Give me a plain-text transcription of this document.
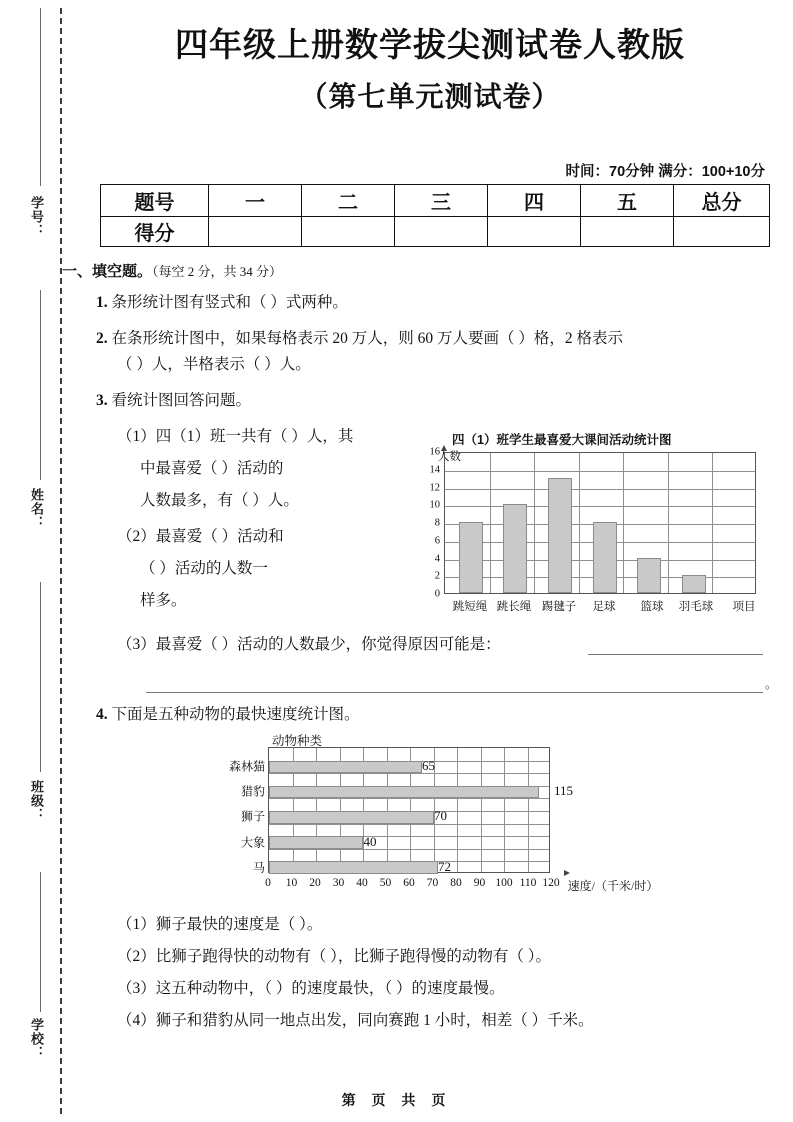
学号：
姓名：
班级：
学校：
四年级上册数学拔尖测试卷人教版
（第七单元测试卷）
时间：70分钟 满分：100+10分
题号	一	二	三	四	五	总分
得分						
一、填空题。（每空 2 分，共 34 分）
1. 条形统计图有竖式和（ ）式两种。
2. 在条形统计图中，如果每格表示 20 万人，则 60 万人要画（ ）格，2 格表示
（ ）人，半格表示（ ）人。
3. 看统计图回答问题。
（1）四（1）班一共有（ ）人，其
中最喜爱（ ）活动的
人数最多，有（ ）人。
（2）最喜爱（ ）活动和
（ ）活动的人数一
样多。
（3）最喜爱（ ）活动的人数最少，你觉得原因可能是：
。
四（1）班学生最喜爱大课间活动统计图
人数
16
14
12
10
8
6
4
2
0
跳短绳 跳长绳 踢毽子 足球 篮球 羽毛球 项目
4. 下面是五种动物的最快速度统计图。
动物种类
森林猫
猎豹
狮子
大象
马
65
115
70
40
72
0 10 20 30 40 50 60 70 80 90 100 110 120 速度/（千米/时）
（1）狮子最快的速度是（ ）。
（2）比狮子跑得快的动物有（ ），比狮子跑得慢的动物有（ ）。
（3）这五种动物中，（ ）的速度最快，（ ）的速度最慢。
（4）狮子和猎豹从同一地点出发，同向赛跑 1 小时，相差（ ）千米。
第 页 共 页
